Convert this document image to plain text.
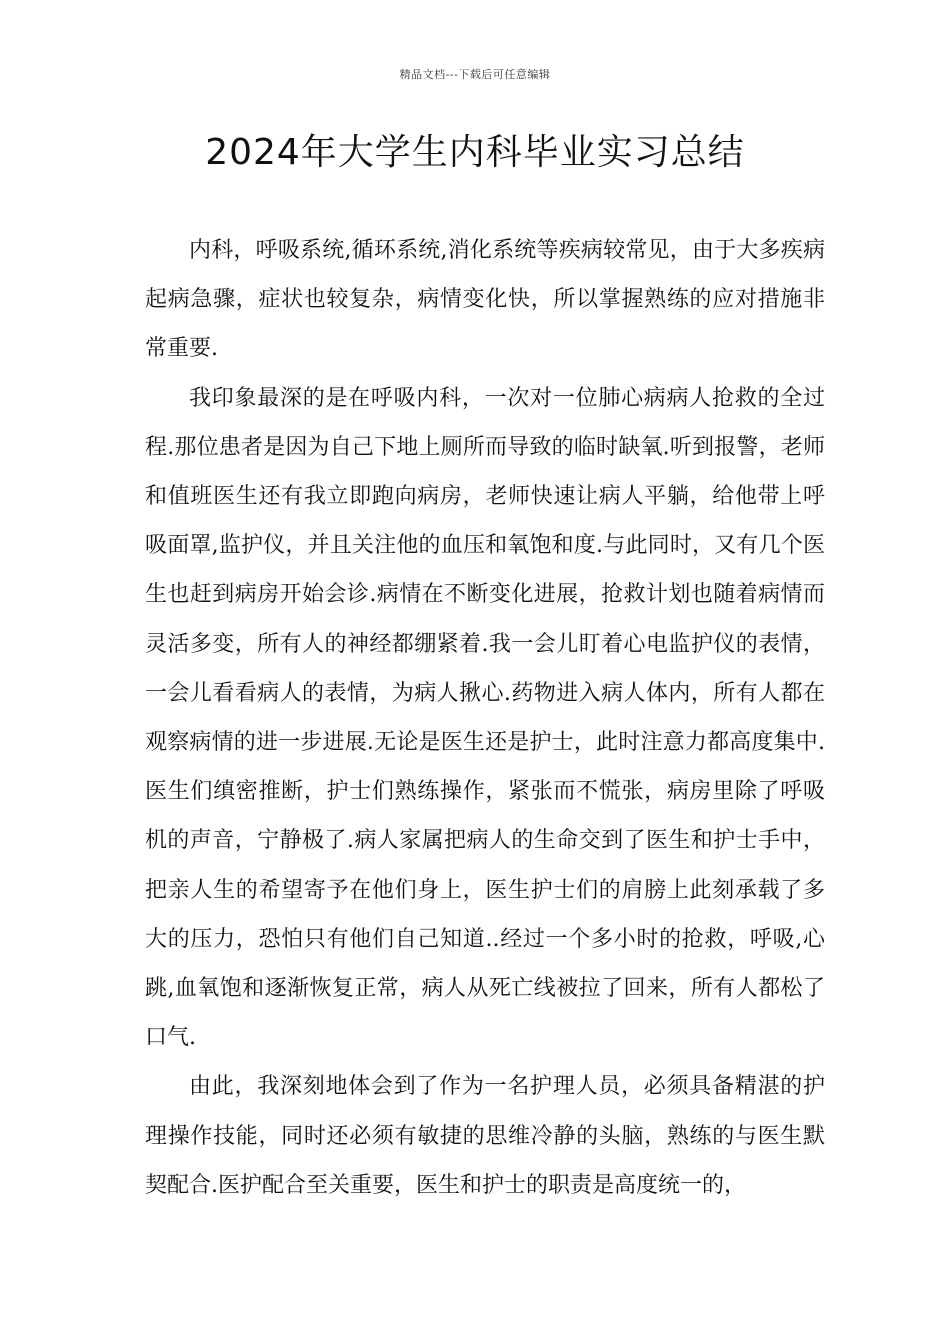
精品文档---下载后可任意编辑
2024年大学生内科毕业实习总结

内科，呼吸系统,循环系统,消化系统等疾病较常见，由于大多疾病起病急骤，症状也较复杂，病情变化快，所以掌握熟练的应对措施非常重要.

我印象最深的是在呼吸内科，一次对一位肺心病病人抢救的全过程.那位患者是因为自己下地上厕所而导致的临时缺氧.听到报警，老师和值班医生还有我立即跑向病房，老师快速让病人平躺，给他带上呼吸面罩,监护仪，并且关注他的血压和氧饱和度.与此同时，又有几个医生也赶到病房开始会诊.病情在不断变化进展，抢救计划也随着病情而灵活多变，所有人的神经都绷紧着.我一会儿盯着心电监护仪的表情，一会儿看看病人的表情，为病人揪心.药物进入病人体内，所有人都在观察病情的进一步进展.无论是医生还是护士，此时注意力都高度集中.医生们缜密推断，护士们熟练操作，紧张而不慌张，病房里除了呼吸机的声音，宁静极了.病人家属把病人的生命交到了医生和护士手中，把亲人生的希望寄予在他们身上，医生护士们的肩膀上此刻承载了多大的压力，恐怕只有他们自己知道..经过一个多小时的抢救，呼吸,心跳,血氧饱和逐渐恢复正常，病人从死亡线被拉了回来，所有人都松了口气.

由此，我深刻地体会到了作为一名护理人员，必须具备精湛的护理操作技能，同时还必须有敏捷的思维冷静的头脑，熟练的与医生默契配合.医护配合至关重要，医生和护士的职责是高度统一的，
